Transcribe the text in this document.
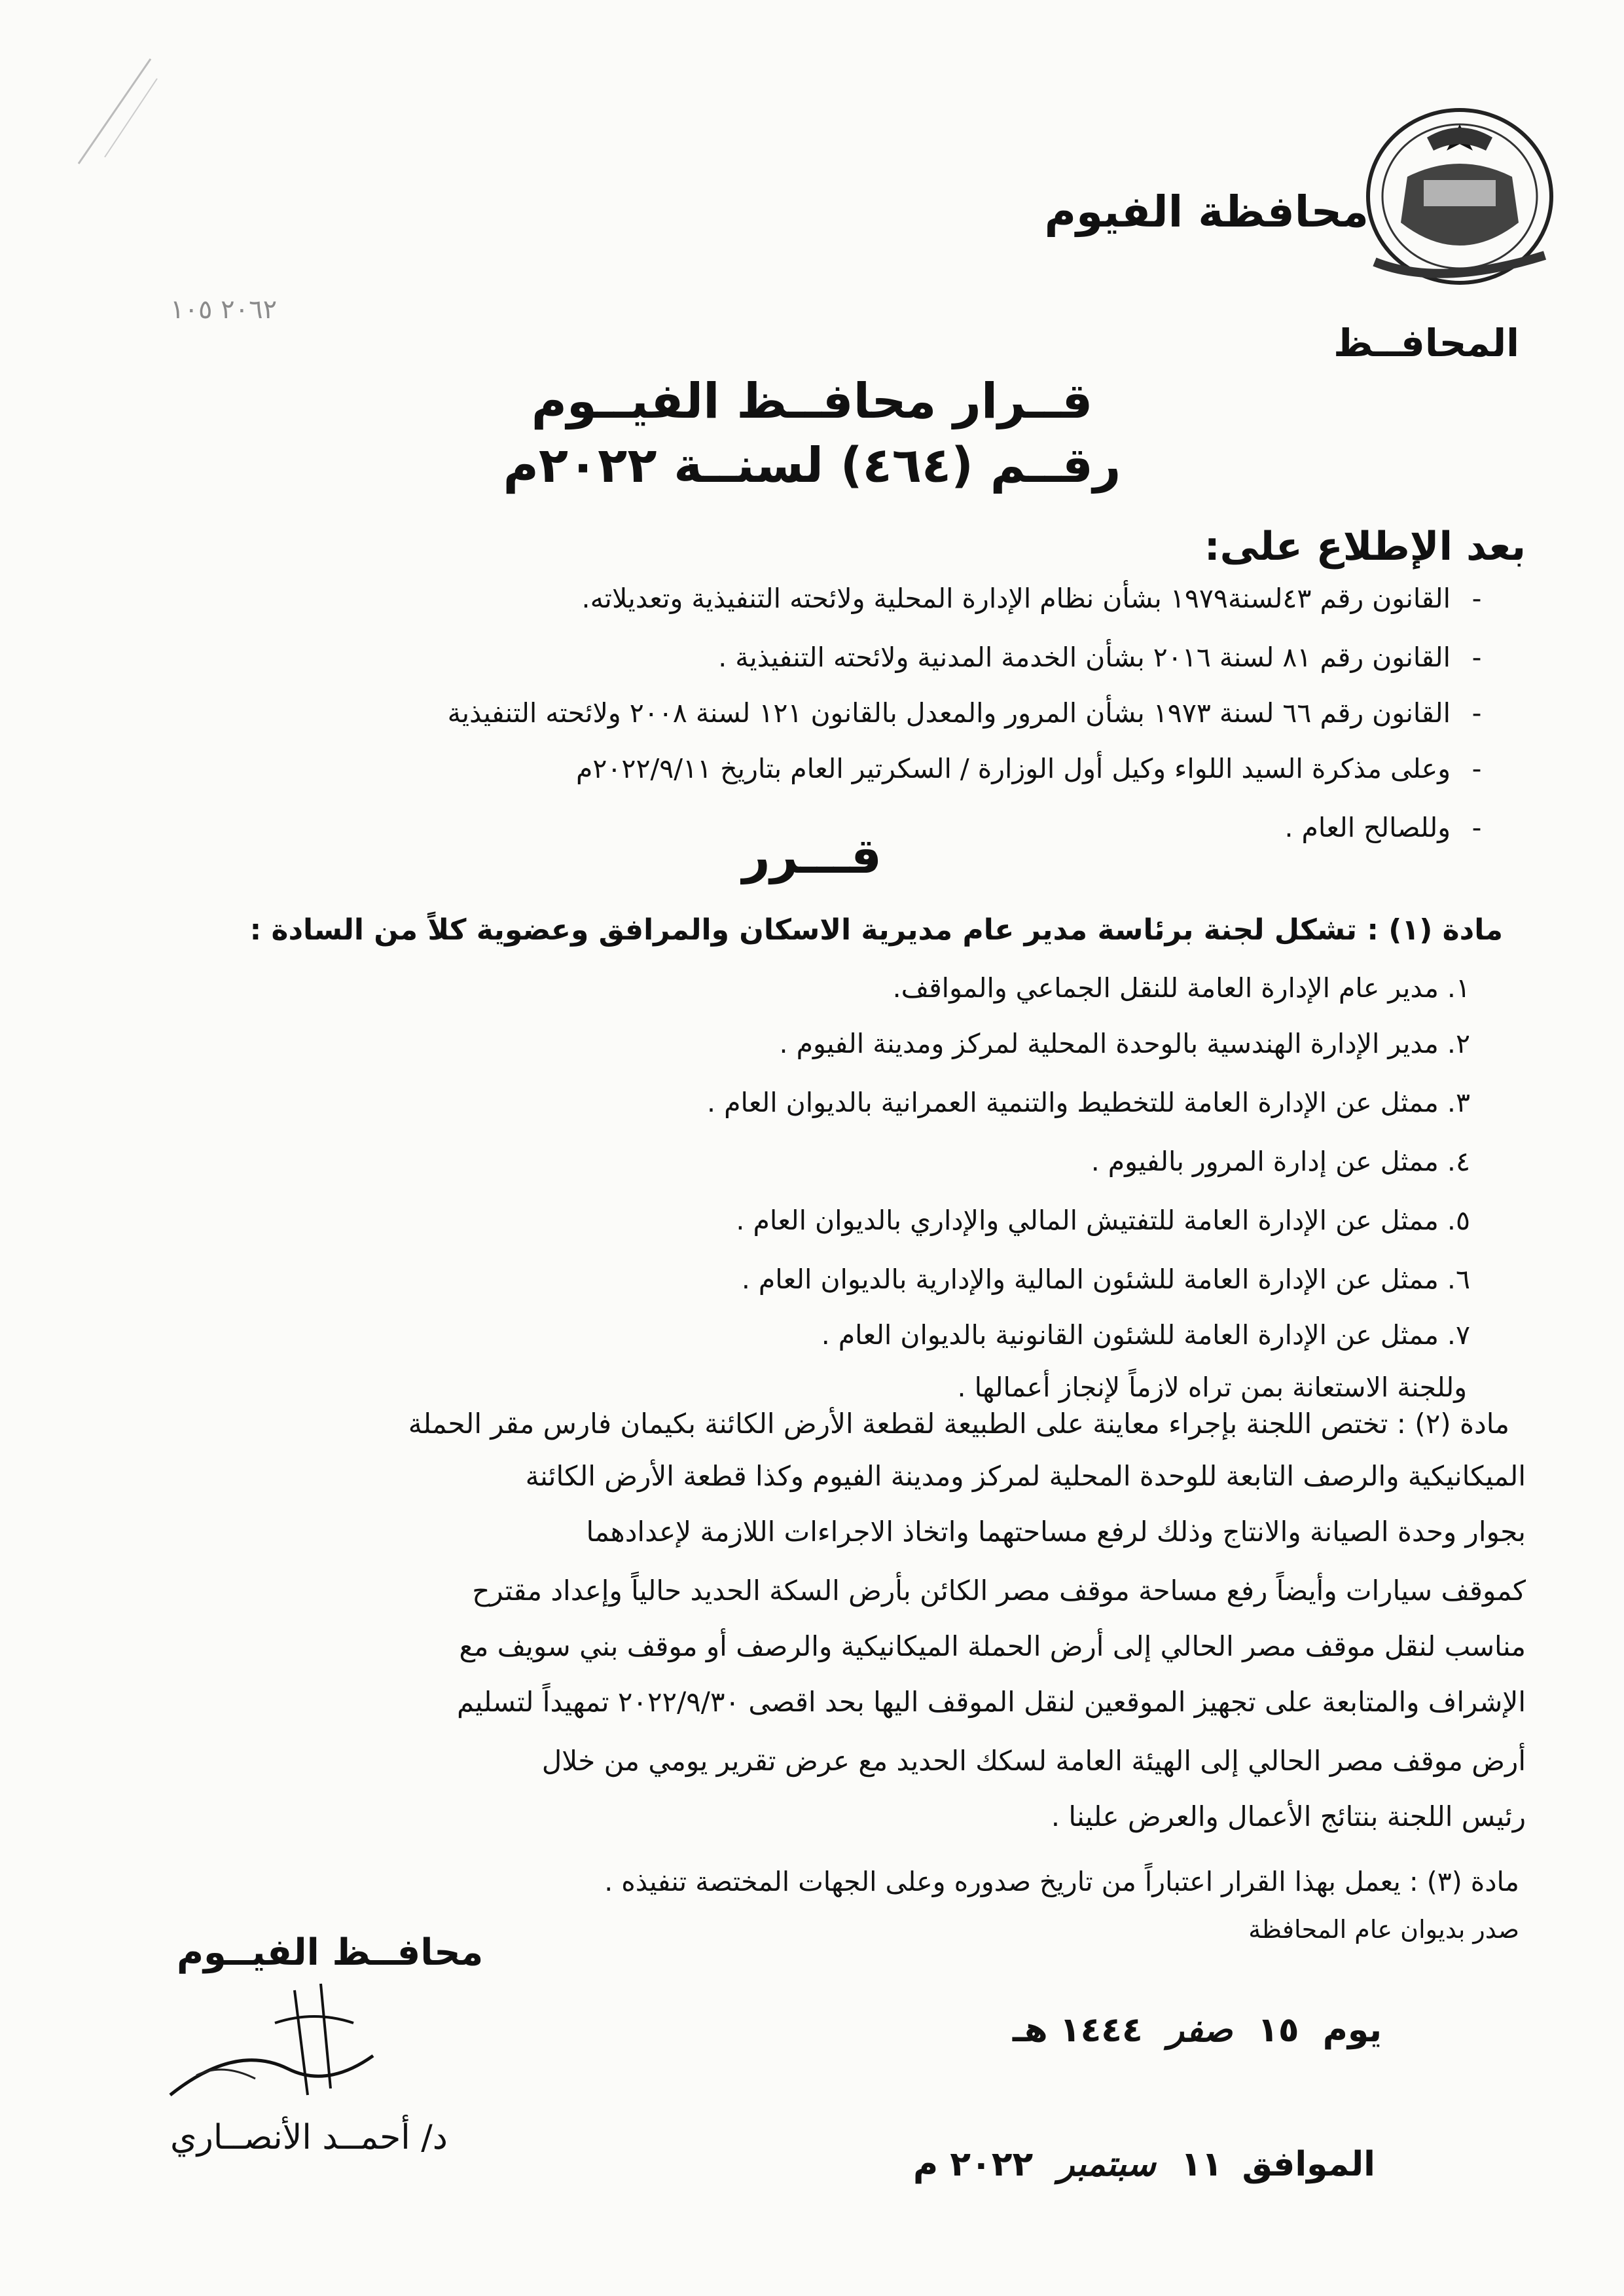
محافظة الفيوم
٢٠٦٢ ١٠٥
المحافــظ
قــرار محافــظ الفيــوم
رقــم (٤٦٤) لسنــة ٢٠٢٢م
بعد الإطلاع على:
-القانون رقم ٤٣لسنة١٩٧٩ بشأن نظام الإدارة المحلية ولائحته التنفيذية وتعديلاته.
-القانون رقم ٨١ لسنة ٢٠١٦ بشأن الخدمة المدنية ولائحته التنفيذية .
-القانون رقم ٦٦ لسنة ١٩٧٣ بشأن المرور والمعدل بالقانون ١٢١ لسنة ٢٠٠٨ ولائحته التنفيذية
-وعلى مذكرة السيد اللواء وكيل أول الوزارة / السكرتير العام بتاريخ ٢٠٢٢/٩/١١م
-وللصالح العام .
قـــرر
مادة (١) : تشكل لجنة برئاسة مدير عام مديرية الاسكان والمرافق وعضوية كلاً من السادة :
١. مدير عام الإدارة العامة للنقل الجماعي والمواقف.
٢. مدير الإدارة الهندسية بالوحدة المحلية لمركز ومدينة الفيوم .
٣. ممثل عن الإدارة العامة للتخطيط والتنمية العمرانية بالديوان العام .
٤. ممثل عن إدارة المرور بالفيوم .
٥. ممثل عن الإدارة العامة للتفتيش المالي والإداري بالديوان العام .
٦. ممثل عن الإدارة العامة للشئون المالية والإدارية بالديوان العام .
٧. ممثل عن الإدارة العامة للشئون القانونية بالديوان العام .
وللجنة الاستعانة بمن تراه لازماً لإنجاز أعمالها .
مادة (٢) : تختص اللجنة بإجراء معاينة على الطبيعة لقطعة الأرض الكائنة بكيمان فارس مقر الحملة
الميكانيكية والرصف التابعة للوحدة المحلية لمركز ومدينة الفيوم وكذا قطعة الأرض الكائنة
بجوار وحدة الصيانة والانتاج وذلك لرفع مساحتهما واتخاذ الاجراءات اللازمة لإعدادهما
كموقف سيارات وأيضاً رفع مساحة موقف مصر الكائن بأرض السكة الحديد حالياً وإعداد مقترح
مناسب لنقل موقف مصر الحالي إلى أرض الحملة الميكانيكية والرصف أو موقف بني سويف مع
الإشراف والمتابعة على تجهيز الموقعين لنقل الموقف اليها بحد اقصى ٢٠٢٢/٩/٣٠ تمهيداً لتسليم
أرض موقف مصر الحالي إلى الهيئة العامة لسكك الحديد مع عرض تقرير يومي من خلال
رئيس اللجنة بنتائج الأعمال والعرض علينا .
مادة (٣) : يعمل بهذا القرار اعتباراً من تاريخ صدوره وعلى الجهات المختصة تنفيذه .
صدر بديوان عام المحافظة
يوم ١٥ صفر ١٤٤٤ هـ
الموافق ١١ سبتمبر ٢٠٢٢ م
محافــظ الفيــوم
د/ أحمــد الأنصــاري
